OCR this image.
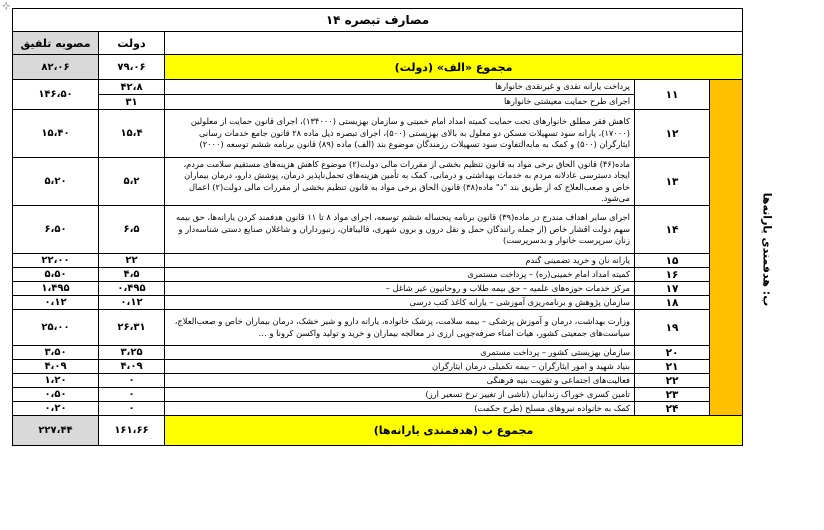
⊹
مصارف تبصره ۱۴				
مصوبه تلفیق	دولت			
۸۲،۰۶	۷۹،۰۶	مجموع «الف» (دولت)		
۱۴۶،۵۰	۴۲،۸	پرداخت یارانه نقدی و غیرنقدی خانوارها	۱۱	ب: هدفمندی یارانه‌ها
	۳۱	اجرای طرح حمایت معیشتی خانوارها		
۱۵،۴۰	۱۵،۴	کاهش فقر مطلق خانوارهای تحت حمایت کمیته امداد امام خمینی و سازمان بهزیستی (۱۳۴۰۰۰)، اجرای قانون حمایت از معلولین (۱۷۰۰۰)، یارانه سود تسهیلات مسکن دو معلول به بالای بهزیستی (۵۰۰)، اجرای تبصره ذیل ماده ۲۸ قانون جامع خدمات رسانی ایثارگران (۵۰۰) و کمک به مابه‌التفاوت سود تسهیلات رزمندگان موضوع بند (الف) ماده (۸۹) قانون برنامه ششم توسعه (۲۰۰۰)	۱۲	
۵،۲۰	۵،۲	ماده(۴۶) قانون الحاق برخی مواد به قانون تنظیم بخشی از مقررات مالی دولت(۲) موضوع کاهش هزینه‌های مستقیم سلامت مردم، ایجاد دسترسی عادلانه مردم به خدمات بهداشتی و درمانی، کمک به تأمین هزینه‌های تحمل‌ناپذیر درمان، پوشش دارو، درمان بیماران خاص و صعب‌العلاج که از طریق بند "د" ماده(۳۸) قانون الحاق برخی مواد به قانون تنظیم بخشی از مقررات مالی دولت(۲) اعمال می‌شود.	۱۳	
۶،۵۰	۶،۵	اجرای سایر اهداف مندرج در ماده(۳۹) قانون برنامه پنجساله ششم توسعه، اجرای مواد ۸ تا ۱۱ قانون هدفمند کردن یارانه‌ها، حق بیمه سهم دولت اقشار خاص (از جمله رانندگان حمل و نقل درون و برون شهری، قالیبافان، زنبورداران و شاغلان صنایع دستی شناسه‌دار و زنان سرپرست خانوار و بدسرپرست)	۱۴	
۲۲،۰۰	۲۲	یارانه نان و خرید تضمینی گندم	۱۵	
۵،۵۰	۴،۵	کمیته امداد امام خمینی(ره) – پرداخت مستمری	۱۶	
۱،۴۹۵	۰،۴۹۵	مرکز خدمات حوزه‌های علمیه – حق بیمه طلاب و روحانیون غیر شاغل –	۱۷	
۰،۱۲	۰،۱۲	سازمان پژوهش و برنامه‌ریزی آموزشی – یارانه کاغذ کتب درسی	۱۸	
۲۵،۰۰	۲۶،۳۱	وزارت بهداشت، درمان و آموزش پزشکی – بیمه سلامت، پزشک خانواده، یارانه دارو و شیر خشک، درمان بیماران خاص و صعب‌العلاج، سیاست‌های جمعیتی کشور، هیات امناء صرفه‌جویی ارزی در معالجه بیماران و خرید و تولید واکسن کرونا و …	۱۹	
۳،۵۰	۳،۲۵	سازمان بهزیستی کشور – پرداخت مستمری	۲۰	
۴،۰۹	۴،۰۹	بنیاد شهید و امور ایثارگران – بیمه تکمیلی درمان ایثارگران	۲۱	
۱،۲۰	۰	فعالیت‌های اجتماعی و تقویت بنیه فرهنگی	۲۲	
۰،۵۰	۰	تامین کسری خوراک زندانیان (ناشی از تغییر نرخ تسعیر ارز)	۲۳	
۰،۲۰	۰	کمک به خانواده نیروهای مسلح (طرح حکمت)	۲۴	
۲۲۷،۴۴	۱۶۱،۶۶	مجموع ب (هدفمندی یارانه‌ها)		
